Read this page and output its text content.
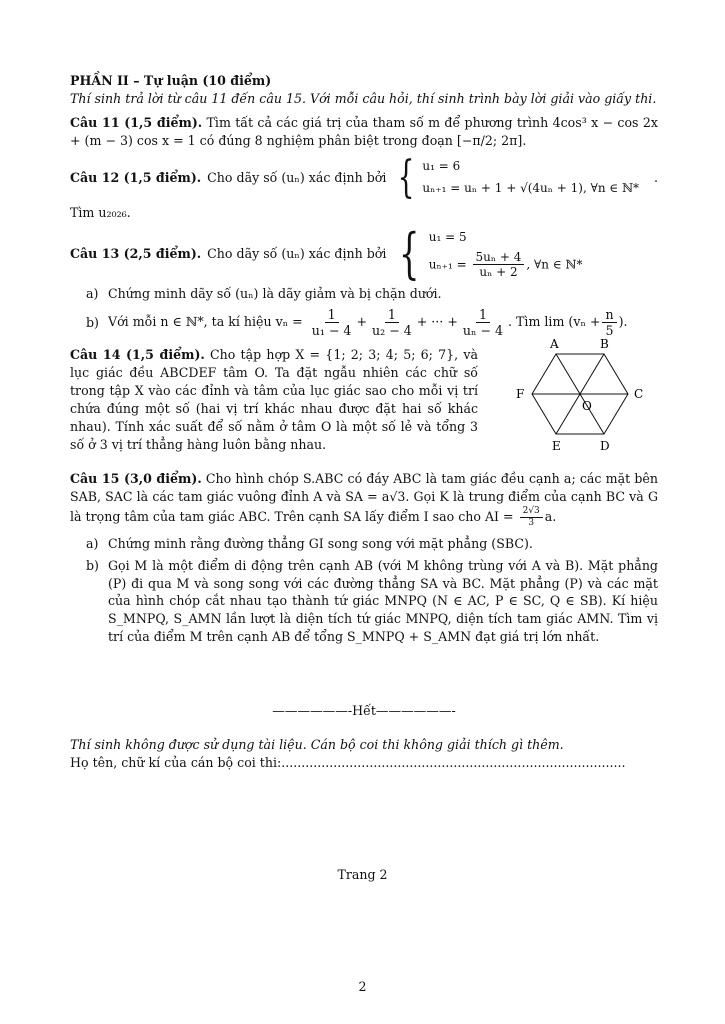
PHẦN II – Tự luận (10 điểm)

Thí sinh trả lời từ câu 11 đến câu 15. Với mỗi câu hỏi, thí sinh trình bày lời giải vào giấy thi.

Câu 11 (1,5 điểm). Tìm tất cả các giá trị của tham số m để phương trình 4cos³ x − cos 2x + (m − 3) cos x = 1 có đúng 8 nghiệm phân biệt trong đoạn [−π/2; 2π].

Câu 12 (1,5 điểm). Cho dãy số (uₙ) xác định bởi { u₁ = 6
uₙ₊₁ = uₙ + 1 + √(4uₙ + 1), ∀n ∈ ℕ*
.

Tìm u₂₀₂₆.

Câu 13 (2,5 điểm). Cho dãy số (uₙ) xác định bởi { u₁ = 5
$u_{n+1} = \frac{\text{5uₙ + 4}}{\text{uₙ + 2}}$ , ∀n ∈ ℕ*
a) Chứng minh dãy số (uₙ) là dãy giảm và bị chặn dưới.
b) Với mỗi n ∈ ℕ*, ta kí hiệu $v_n = \frac{1}{\text{u₁ − 4}} + \frac{1}{\text{u₂ − 4}}$ + ··· + $\frac{1}{\text{uₙ − 4}}$ . Tìm $\lim (v_n + \frac{n}{5}$ ).

Câu 14 (1,5 điểm). Cho tập hợp X = {1; 2; 3; 4; 5; 6; 7}, và lục giác đều ABCDEF tâm O. Ta đặt ngẫu nhiên các chữ số trong tập X vào các đỉnh và tâm của lục giác sao cho mỗi vị trí chứa đúng một số (hai vị trí khác nhau được đặt hai số khác nhau). Tính xác suất để số nằm ở tâm O là một số lẻ và tổng 3 số ở 3 vị trí thẳng hàng luôn bằng nhau.

A	B
C
D
E
F
O

Câu 15 (3,0 điểm). Cho hình chóp S.ABC có đáy ABC là tam giác đều cạnh a; các mặt bên SAB, SAC là các tam giác vuông đỉnh A và SA = a√3. Gọi K là trung điểm của cạnh BC và G là trọng tâm của tam giác ABC. Trên cạnh SA lấy điểm I sao cho AI = $\frac{2√3}{3} a$.

a) Chứng minh rằng đường thẳng GI song song với mặt phẳng (SBC).
b) Gọi M là một điểm di động trên cạnh AB (với M không trùng với A và B). Mặt phẳng (P) đi qua M và song song với các đường thẳng SA và BC. Mặt phẳng (P) và các mặt của hình chóp cắt nhau tạo thành tứ giác MNPQ (N ∈ AC, P ∈ SC, Q ∈ SB). Kí hiệu S_MNPQ, S_AMN lần lượt là diện tích tứ giác MNPQ, diện tích tam giác AMN. Tìm vị trí của điểm M trên cạnh AB để tổng S_MNPQ + S_AMN đạt giá trị lớn nhất.

——————-Hết——————-

Thí sinh không được sử dụng tài liệu. Cán bộ coi thi không giải thích gì thêm.
Họ tên, chữ kí của cán bộ coi thi:......................................................................................
Trang 2
2
